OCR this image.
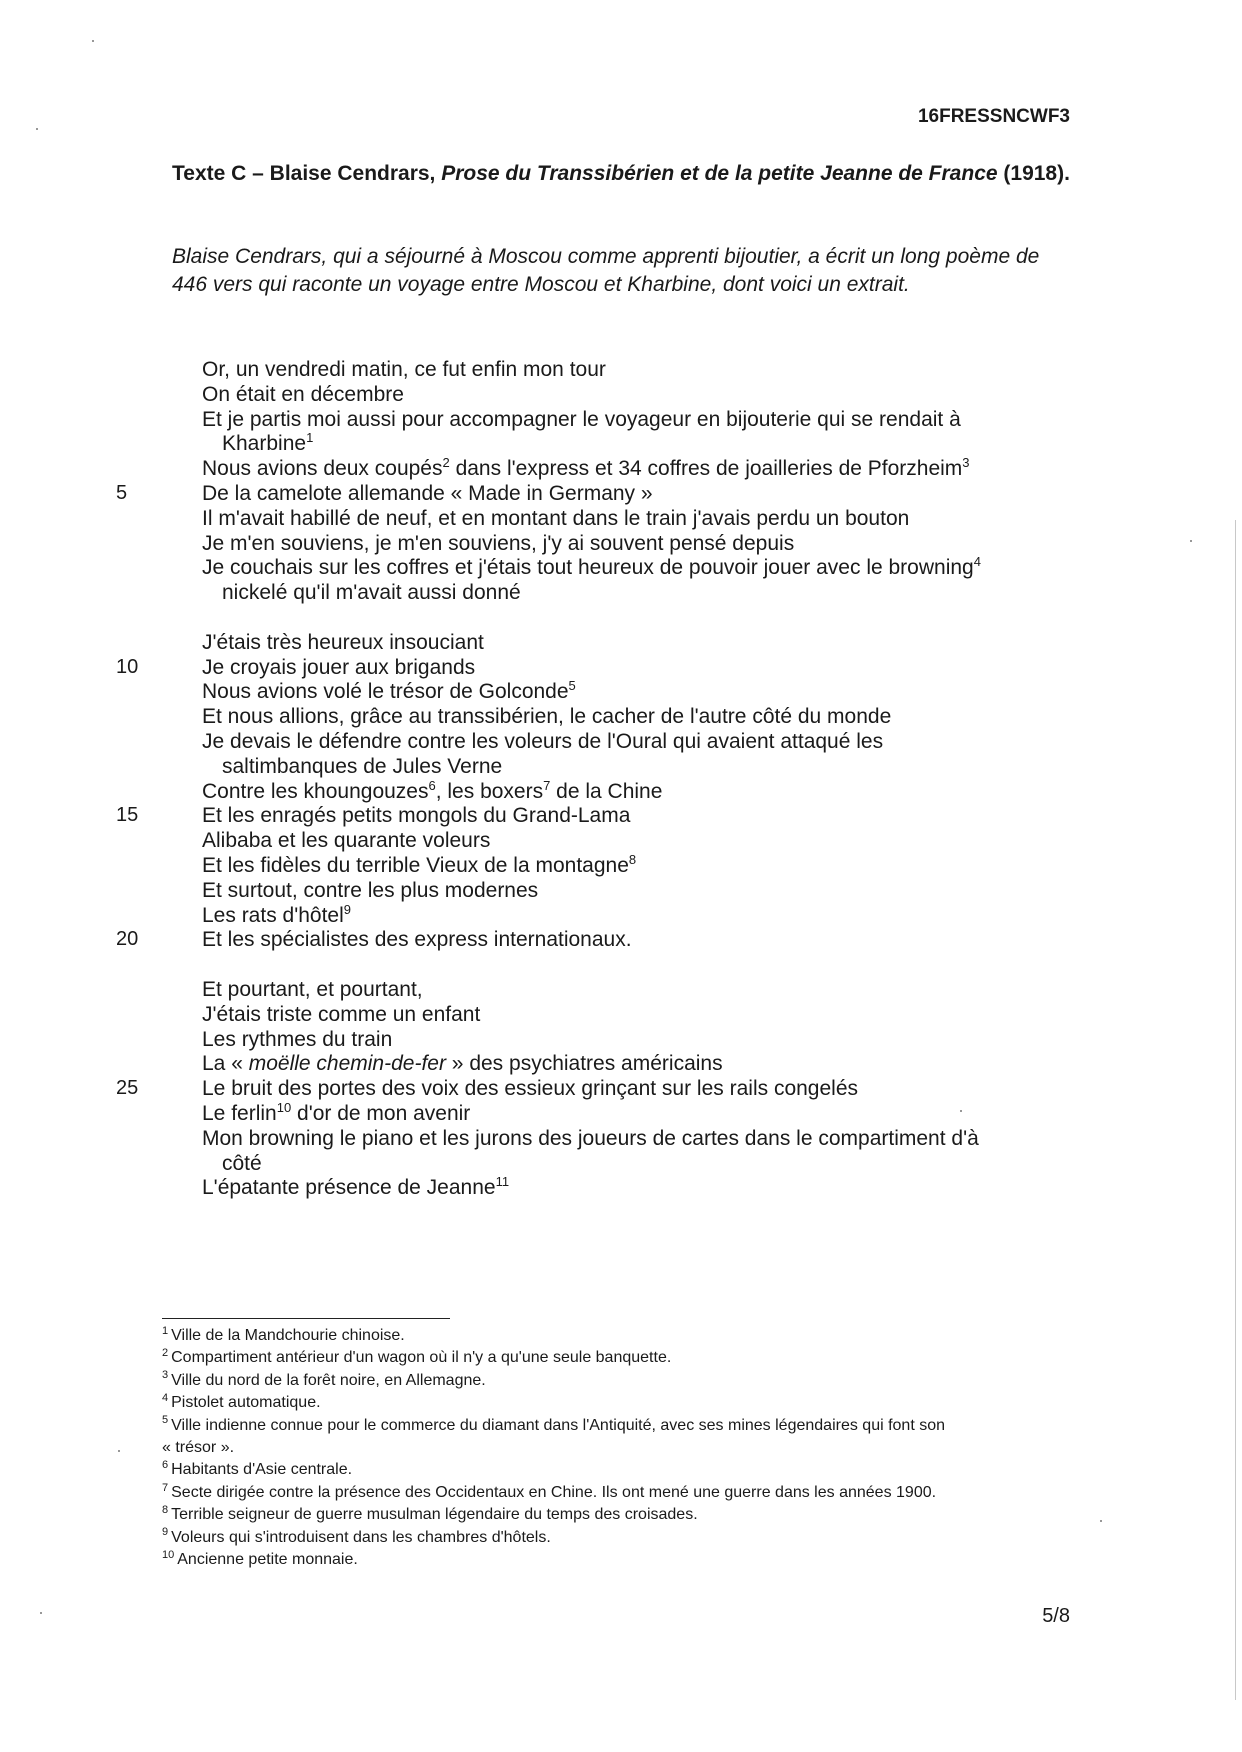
16FRESSNCWF3
Texte C – Blaise Cendrars, Prose du Transsibérien et de la petite Jeanne de France (1918).
Blaise Cendrars, qui a séjourné à Moscou comme apprenti bijoutier, a écrit un long poème de 446 vers qui raconte un voyage entre Moscou et Kharbine, dont voici un extrait.
Or, un vendredi matin, ce fut enfin mon tour
On était en décembre
Et je partis moi aussi pour accompagner le voyageur en bijouterie qui se rendait à
Kharbine$^1$
Nous avions deux coupés$^2$ dans l'express et 34 coffres de joailleries de Pforzheim$^3$
De la camelote allemande « Made in Germany »
5
Il m'avait habillé de neuf, et en montant dans le train j'avais perdu un bouton
Je m'en souviens, je m'en souviens, j'y ai souvent pensé depuis
Je couchais sur les coffres et j'étais tout heureux de pouvoir jouer avec le browning$^4$
nickelé qu'il m'avait aussi donné
J'étais très heureux insouciant
Je croyais jouer aux brigands
10
Nous avions volé le trésor de Golconde$^5$
Et nous allions, grâce au transsibérien, le cacher de l'autre côté du monde
Je devais le défendre contre les voleurs de l'Oural qui avaient attaqué les
saltimbanques de Jules Verne
Contre les khoungouzes$^6$, les boxers$^7$ de la Chine
Et les enragés petits mongols du Grand-Lama
15
Alibaba et les quarante voleurs
Et les fidèles du terrible Vieux de la montagne$^8$
Et surtout, contre les plus modernes
Les rats d'hôtel$^9$
Et les spécialistes des express internationaux.
20
Et pourtant, et pourtant,
J'étais triste comme un enfant
Les rythmes du train
La « moëlle chemin-de-fer » des psychiatres américains
Le bruit des portes des voix des essieux grinçant sur les rails congelés
25
Le ferlin$^{10}$ d'or de mon avenir
Mon browning le piano et les jurons des joueurs de cartes dans le compartiment d'à
côté
L'épatante présence de Jeanne$^{11}$
$^1$ Ville de la Mandchourie chinoise.
$^2$ Compartiment antérieur d'un wagon où il n'y a qu'une seule banquette.
$^3$ Ville du nord de la forêt noire, en Allemagne.
$^4$ Pistolet automatique.
$^5$ Ville indienne connue pour le commerce du diamant dans l'Antiquité, avec ses mines légendaires qui font son
« trésor ».
$^6$ Habitants d'Asie centrale.
$^7$ Secte dirigée contre la présence des Occidentaux en Chine. Ils ont mené une guerre dans les années 1900.
$^8$ Terrible seigneur de guerre musulman légendaire du temps des croisades.
$^9$ Voleurs qui s'introduisent dans les chambres d'hôtels.
$^{10}$ Ancienne petite monnaie.
5/8
